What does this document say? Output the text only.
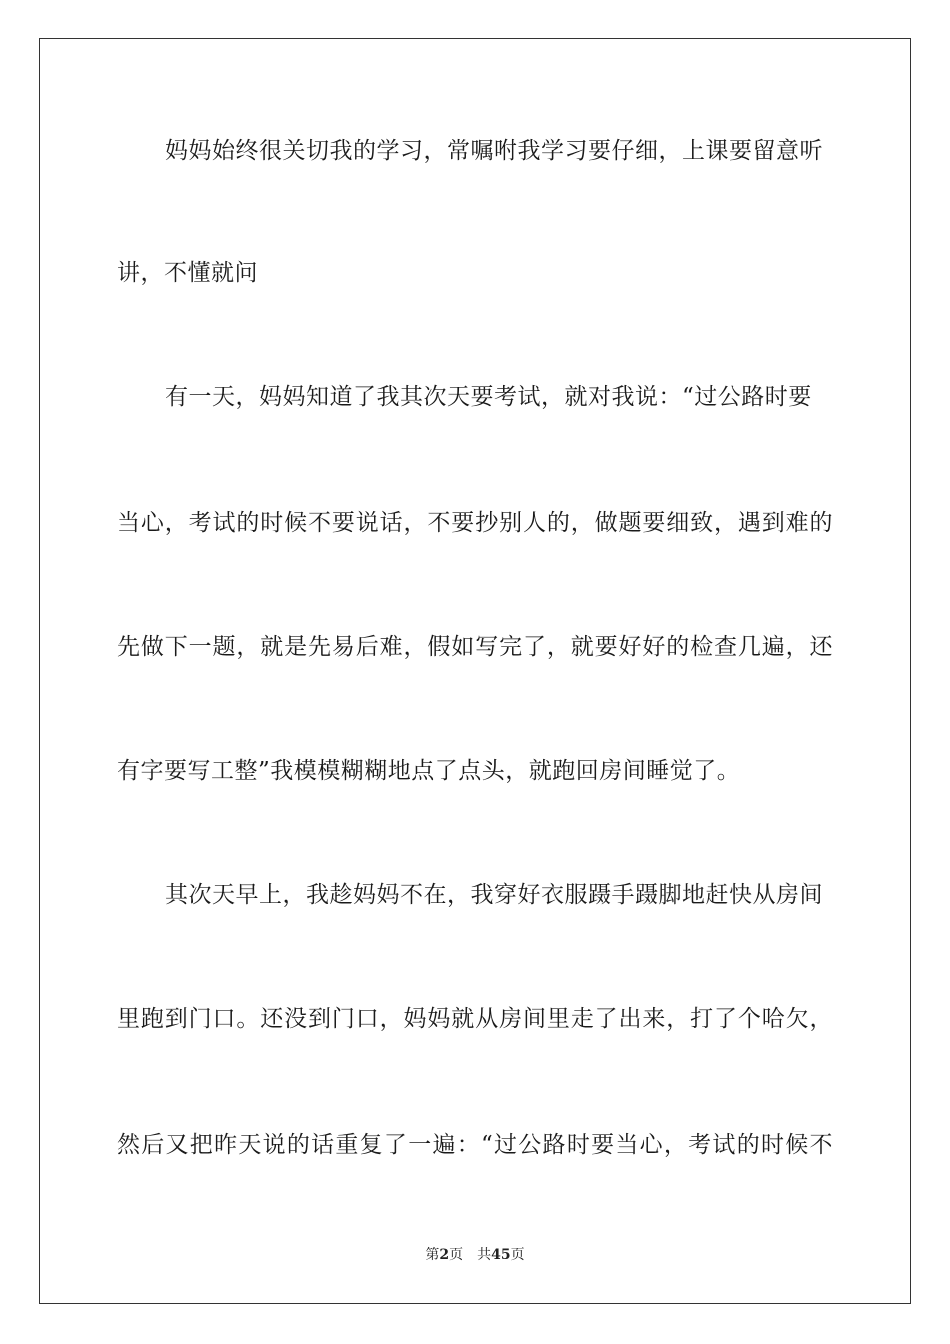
妈妈始终很关切我的学习，常嘱咐我学习要仔细，上课要留意听
讲，不懂就问
有一天，妈妈知道了我其次天要考试，就对我说：“过公路时要
当心，考试的时候不要说话，不要抄别人的，做题要细致，遇到难的
先做下一题，就是先易后难，假如写完了，就要好好的检查几遍，还
有字要写工整”我模模糊糊地点了点头，就跑回房间睡觉了。
其次天早上，我趁妈妈不在，我穿好衣服蹑手蹑脚地赶快从房间
里跑到门口。还没到门口，妈妈就从房间里走了出来，打了个哈欠，
然后又把昨天说的话重复了一遍：“过公路时要当心，考试的时候不
第2页 共45页
